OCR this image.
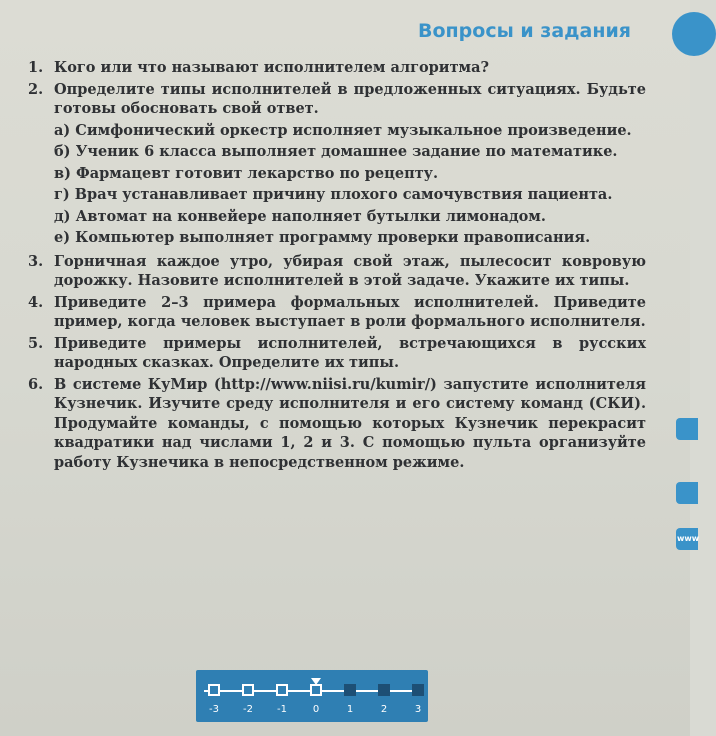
Вопросы и задания
www
1. Кого или что называют исполнителем алгоритма?
2. Определите типы исполнителей в предложенных ситуациях. Будьте готовы обосновать свой ответ.
а) Симфонический оркестр исполняет музыкальное произведение.
б) Ученик 6 класса выполняет домашнее задание по математике.
в) Фармацевт готовит лекарство по рецепту.
г) Врач устанавливает причину плохого самочувствия пациента.
д) Автомат на конвейере наполняет бутылки лимонадом.
е) Компьютер выполняет программу проверки правописания.
3. Горничная каждое утро, убирая свой этаж, пылесосит ковровую дорожку. Назовите исполнителей в этой задаче. Укажите их типы.
4. Приведите 2–3 примера формальных исполнителей. Приведите пример, когда человек выступает в роли формального исполнителя.
5. Приведите примеры исполнителей, встречающихся в русских народных сказках. Определите их типы.
6. В системе КуМир (http://www.niisi.ru/kumir/) запустите исполнителя Кузнечик. Изучите среду исполнителя и его систему команд (СКИ). Продумайте команды, с помощью которых Кузнечик перекрасит квадратики над числами 1, 2 и 3. С помощью пульта организуйте работу Кузнечика в непосредственном режиме.
-3	-2	-1	0	1	2	3
